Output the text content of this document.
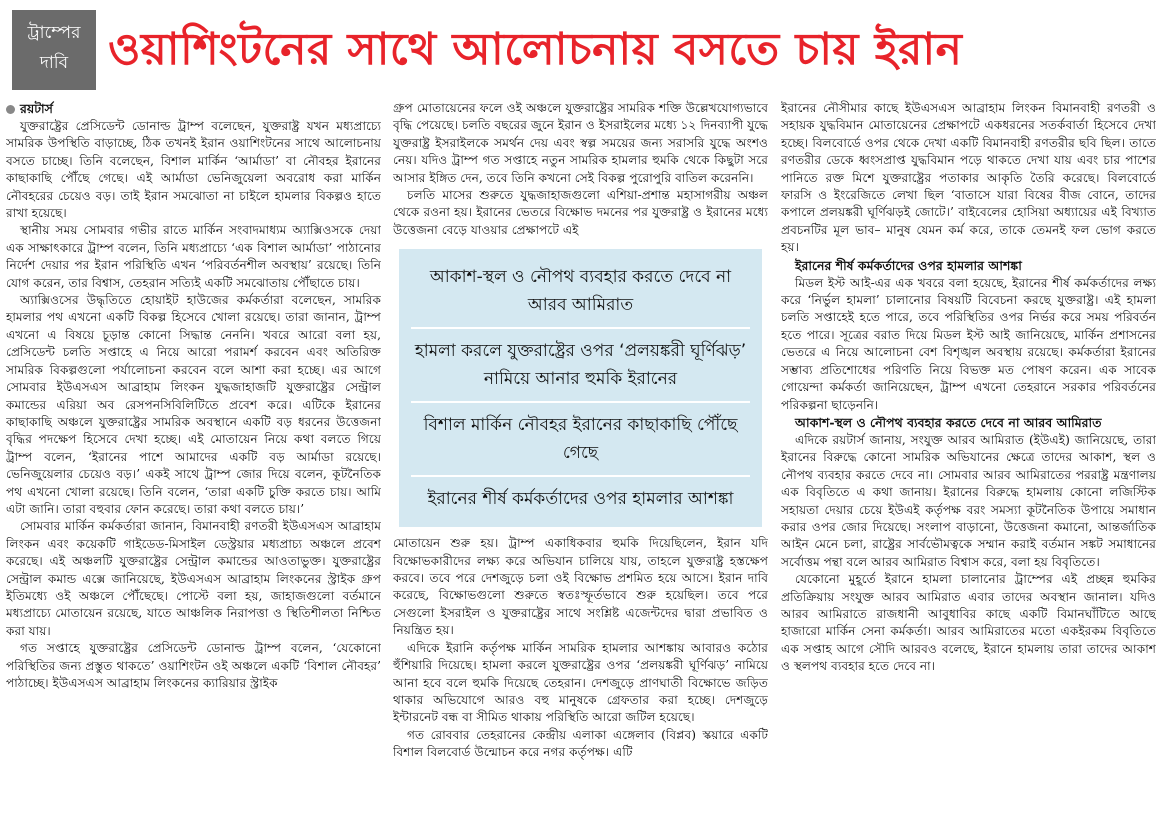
ট্রাম্পের
দাবি ওয়াশিংটনের সাথে আলোচনায় বসতে চায় ইরান
রয়টার্স

যুক্তরাষ্ট্রের প্রেসিডেন্ট ডোনাল্ড ট্রাম্প বলেছেন, যুক্তরাষ্ট্র যখন মধ্যপ্রাচ্যে সামরিক উপস্থিতি বাড়াচ্ছে, ঠিক তখনই ইরান ওয়াশিংটনের সাথে আলোচনায় বসতে চাচ্ছে। তিনি বলেছেন, বিশাল মার্কিন ‘আর্মাডা’ বা নৌবহর ইরানের কাছাকাছি পৌঁছে গেছে। এই আর্মাডা ভেনিজুয়েলা অবরোধ করা মার্কিন নৌবহরের চেয়েও বড়। তাই ইরান সমঝোতা না চাইলে হামলার বিকল্পও হাতে রাখা হয়েছে।

স্থানীয় সময় সোমবার গভীর রাতে মার্কিন সংবাদমাধ্যম অ্যাক্সিওসকে দেয়া এক সাক্ষাৎকারে ট্রাম্প বলেন, তিনি মধ্যপ্রাচ্যে ‘এক বিশাল আর্মাডা’ পাঠানোর নির্দেশ দেয়ার পর ইরান পরিস্থিতি এখন ‘পরিবর্তনশীল অবস্থায়’ রয়েছে। তিনি যোগ করেন, তার বিশ্বাস, তেহরান সত্যিই একটি সমঝোতায় পৌঁছাতে চায়।

অ্যাক্সিওসের উদ্ধৃতিতে হোয়াইট হাউজের কর্মকর্তারা বলেছেন, সামরিক হামলার পথ এখনো একটি বিকল্প হিসেবে খোলা রয়েছে। তারা জানান, ট্রাম্প এখনো এ বিষয়ে চূড়ান্ত কোনো সিদ্ধান্ত নেননি। খবরে আরো বলা হয়, প্রেসিডেন্ট চলতি সপ্তাহে এ নিয়ে আরো পরামর্শ করবেন এবং অতিরিক্ত সামরিক বিকল্পগুলো পর্যালোচনা করবেন বলে আশা করা হচ্ছে। এর আগে সোমবার ইউএসএস আব্রাহাম লিংকন যুদ্ধজাহাজটি যুক্তরাষ্ট্রের সেন্ট্রাল কমান্ডের এরিয়া অব রেসপনসিবিলিটিতে প্রবেশ করে। এটিকে ইরানের কাছাকাছি অঞ্চলে যুক্তরাষ্ট্রের সামরিক অবস্থানে একটি বড় ধরনের উত্তেজনা বৃদ্ধির পদক্ষেপ হিসেবে দেখা হচ্ছে। এই মোতায়েন নিয়ে কথা বলতে গিয়ে ট্রাম্প বলেন, ‘ইরানের পাশে আমাদের একটি বড় আর্মাডা রয়েছে। ভেনিজুয়েলার চেয়েও বড়।’ একই সাথে ট্রাম্প জোর দিয়ে বলেন, কূটনৈতিক পথ এখনো খোলা রয়েছে। তিনি বলেন, ‘তারা একটি চুক্তি করতে চায়। আমি এটা জানি। তারা বহুবার ফোন করেছে। তারা কথা বলতে চায়।’

সোমবার মার্কিন কর্মকর্তারা জানান, বিমানবাহী রণতরী ইউএসএস আব্রাহাম লিংকন এবং কয়েকটি গাইডেড-মিসাইল ডেস্ট্রয়ার মধ্যপ্রাচ্য অঞ্চলে প্রবেশ করেছে। এই অঞ্চলটি যুক্তরাষ্ট্রের সেন্ট্রাল কমান্ডের আওতাভুক্ত। যুক্তরাষ্ট্রের সেন্ট্রাল কমান্ড এক্সে জানিয়েছে, ইউএসএস আব্রাহাম লিংকনের স্ট্রাইক গ্রুপ ইতিমধ্যে ওই অঞ্চলে পৌঁছেছে। পোস্টে বলা হয়, জাহাজগুলো বর্তমানে মধ্যপ্রাচ্যে মোতায়েন রয়েছে, যাতে আঞ্চলিক নিরাপত্তা ও স্থিতিশীলতা নিশ্চিত করা যায়।

গত সপ্তাহে যুক্তরাষ্ট্রের প্রেসিডেন্ট ডোনাল্ড ট্রাম্প বলেন, ‘যেকোনো পরিস্থিতির জন্য প্রস্তুত থাকতে’ ওয়াশিংটন ওই অঞ্চলে একটি ‘বিশাল নৌবহর’ পাঠাচ্ছে। ইউএসএস আব্রাহাম লিংকনের ক্যারিয়ার স্ট্রাইক

গ্রুপ মোতায়েনের ফলে ওই অঞ্চলে যুক্তরাষ্ট্রের সামরিক শক্তি উল্লেখযোগ্যভাবে বৃদ্ধি পেয়েছে। চলতি বছরের জুনে ইরান ও ইসরাইলের মধ্যে ১২ দিনব্যাপী যুদ্ধে যুক্তরাষ্ট্র ইসরাইলকে সমর্থন দেয় এবং স্বল্প সময়ের জন্য সরাসরি যুদ্ধে অংশও নেয়। যদিও ট্রাম্প গত সপ্তাহে নতুন সামরিক হামলার হুমকি থেকে কিছুটা সরে আসার ইঙ্গিত দেন, তবে তিনি কখনো সেই বিকল্প পুরোপুরি বাতিল করেননি।

চলতি মাসের শুরুতে যুদ্ধজাহাজগুলো এশিয়া-প্রশান্ত মহাসাগরীয় অঞ্চল থেকে রওনা হয়। ইরানের ভেতরে বিক্ষোভ দমনের পর যুক্তরাষ্ট্র ও ইরানের মধ্যে উত্তেজনা বেড়ে যাওয়ার প্রেক্ষাপটে এই

আকাশ-স্থল ও নৌপথ ব্যবহার করতে দেবে না আরব আমিরাত
হামলা করলে যুক্তরাষ্ট্রের ওপর ‘প্রলয়ঙ্করী ঘূর্ণিঝড়’ নামিয়ে আনার হুমকি ইরানের
বিশাল মার্কিন নৌবহর ইরানের কাছাকাছি পৌঁছে গেছে
ইরানের শীর্ষ কর্মকর্তাদের ওপর হামলার আশঙ্কা

মোতায়েন শুরু হয়। ট্রাম্প একাধিকবার হুমকি দিয়েছিলেন, ইরান যদি বিক্ষোভকারীদের লক্ষ্য করে অভিযান চালিয়ে যায়, তাহলে যুক্তরাষ্ট্র হস্তক্ষেপ করবে। তবে পরে দেশজুড়ে চলা ওই বিক্ষোভ প্রশমিত হয়ে আসে। ইরান দাবি করেছে, বিক্ষোভগুলো শুরুতে স্বতঃস্ফূর্তভাবে শুরু হয়েছিল। তবে পরে সেগুলো ইসরাইল ও যুক্তরাষ্ট্রের সাথে সংশ্লিষ্ট এজেন্টদের দ্বারা প্রভাবিত ও নিয়ন্ত্রিত হয়।

এদিকে ইরানি কর্তৃপক্ষ মার্কিন সামরিক হামলার আশঙ্কায় আবারও কঠোর হুঁশিয়ারি দিয়েছে। হামলা করলে যুক্তরাষ্ট্রের ওপর ‘প্রলয়ঙ্করী ঘূর্ণিঝড়’ নামিয়ে আনা হবে বলে হুমকি দিয়েছে তেহরান। দেশজুড়ে প্রাণঘাতী বিক্ষোভে জড়িত থাকার অভিযোগে আরও বহু মানুষকে গ্রেফতার করা হচ্ছে। দেশজুড়ে ইন্টারনেট বন্ধ বা সীমিত থাকায় পরিস্থিতি আরো জটিল হয়েছে।

গত রোববার তেহরানের কেন্দ্রীয় এলাকা এঙ্গেলাব (বিপ্লব) স্কয়ারে একটি বিশাল বিলবোর্ড উন্মোচন করে নগর কর্তৃপক্ষ। এটি

ইরানের নৌসীমার কাছে ইউএসএস আব্রাহাম লিংকন বিমানবাহী রণতরী ও সহায়ক যুদ্ধবিমান মোতায়েনের প্রেক্ষাপটে একধরনের সতর্কবার্তা হিসেবে দেখা হচ্ছে। বিলবোর্ডে ওপর থেকে দেখা একটি বিমানবাহী রণতরীর ছবি ছিল। তাতে রণতরীর ডেকে ধ্বংসপ্রাপ্ত যুদ্ধবিমান পড়ে থাকতে দেখা যায় এবং চার পাশের পানিতে রক্ত মিশে যুক্তরাষ্ট্রের পতাকার আকৃতি তৈরি করেছে। বিলবোর্ডে ফারসি ও ইংরেজিতে লেখা ছিল ‘বাতাসে যারা বিষের বীজ বোনে, তাদের কপালে প্রলয়ঙ্করী ঘূর্ণিঝড়ই জোটে।’ বাইবেলের হোসিয়া অধ্যায়ের এই বিখ্যাত প্রবচনটির মূল ভাব– মানুষ যেমন কর্ম করে, তাকে তেমনই ফল ভোগ করতে হয়।

ইরানের শীর্ষ কর্মকর্তাদের ওপর হামলার আশঙ্কা

মিডল ইস্ট আই-এর এক খবরে বলা হয়েছে, ইরানের শীর্ষ কর্মকর্তাদের লক্ষ্য করে ‘নির্ভুল হামলা’ চালানোর বিষয়টি বিবেচনা করছে যুক্তরাষ্ট্র। এই হামলা চলতি সপ্তাহেই হতে পারে, তবে পরিস্থিতির ওপর নির্ভর করে সময় পরিবর্তন হতে পারে। সূত্রের বরাত দিয়ে মিডল ইস্ট আই জানিয়েছে, মার্কিন প্রশাসনের ভেতরে এ নিয়ে আলোচনা বেশ বিশৃঙ্খল অবস্থায় রয়েছে। কর্মকর্তারা ইরানের সম্ভাব্য প্রতিশোধের পরিণতি নিয়ে বিভক্ত মত পোষণ করেন। এক সাবেক গোয়েন্দা কর্মকর্তা জানিয়েছেন, ট্রাম্প এখনো তেহরানে সরকার পরিবর্তনের পরিকল্পনা ছাড়েননি।

আকাশ-স্থল ও নৌপথ ব্যবহার করতে দেবে না আরব আমিরাত

এদিকে রয়টার্স জানায়, সংযুক্ত আরব আমিরাত (ইউএই) জানিয়েছে, তারা ইরানের বিরুদ্ধে কোনো সামরিক অভিযানের ক্ষেত্রে তাদের আকাশ, স্থল ও নৌপথ ব্যবহার করতে দেবে না। সোমবার আরব আমিরাতের পররাষ্ট্র মন্ত্রণালয় এক বিবৃতিতে এ কথা জানায়। ইরানের বিরুদ্ধে হামলায় কোনো লজিস্টিক সহায়তা দেয়ার চেয়ে ইউএই কর্তৃপক্ষ বরং সমস্যা কূটনৈতিক উপায়ে সমাধান করার ওপর জোর দিয়েছে। সংলাপ বাড়ানো, উত্তেজনা কমানো, আন্তর্জাতিক আইন মেনে চলা, রাষ্ট্রের সার্বভৌমত্বকে সম্মান করাই বর্তমান সঙ্কট সমাধানের সর্বোত্তম পন্থা বলে আরব আমিরাত বিশ্বাস করে, বলা হয় বিবৃতিতে।

যেকোনো মুহূর্তে ইরানে হামলা চালানোর ট্রাম্পের এই প্রচ্ছন্ন হুমকির প্রতিক্রিয়ায় সংযুক্ত আরব আমিরাত এবার তাদের অবস্থান জানাল। যদিও আরব আমিরাতে রাজধানী আবুধাবির কাছে একটি বিমানঘাঁটিতে আছে হাজারো মার্কিন সেনা কর্মকর্তা। আরব আমিরাতের মতো একইরকম বিবৃতিতে এক সপ্তাহ আগে সৌদি আরবও বলেছে, ইরানে হামলায় তারা তাদের আকাশ ও স্থলপথ ব্যবহার হতে দেবে না।
